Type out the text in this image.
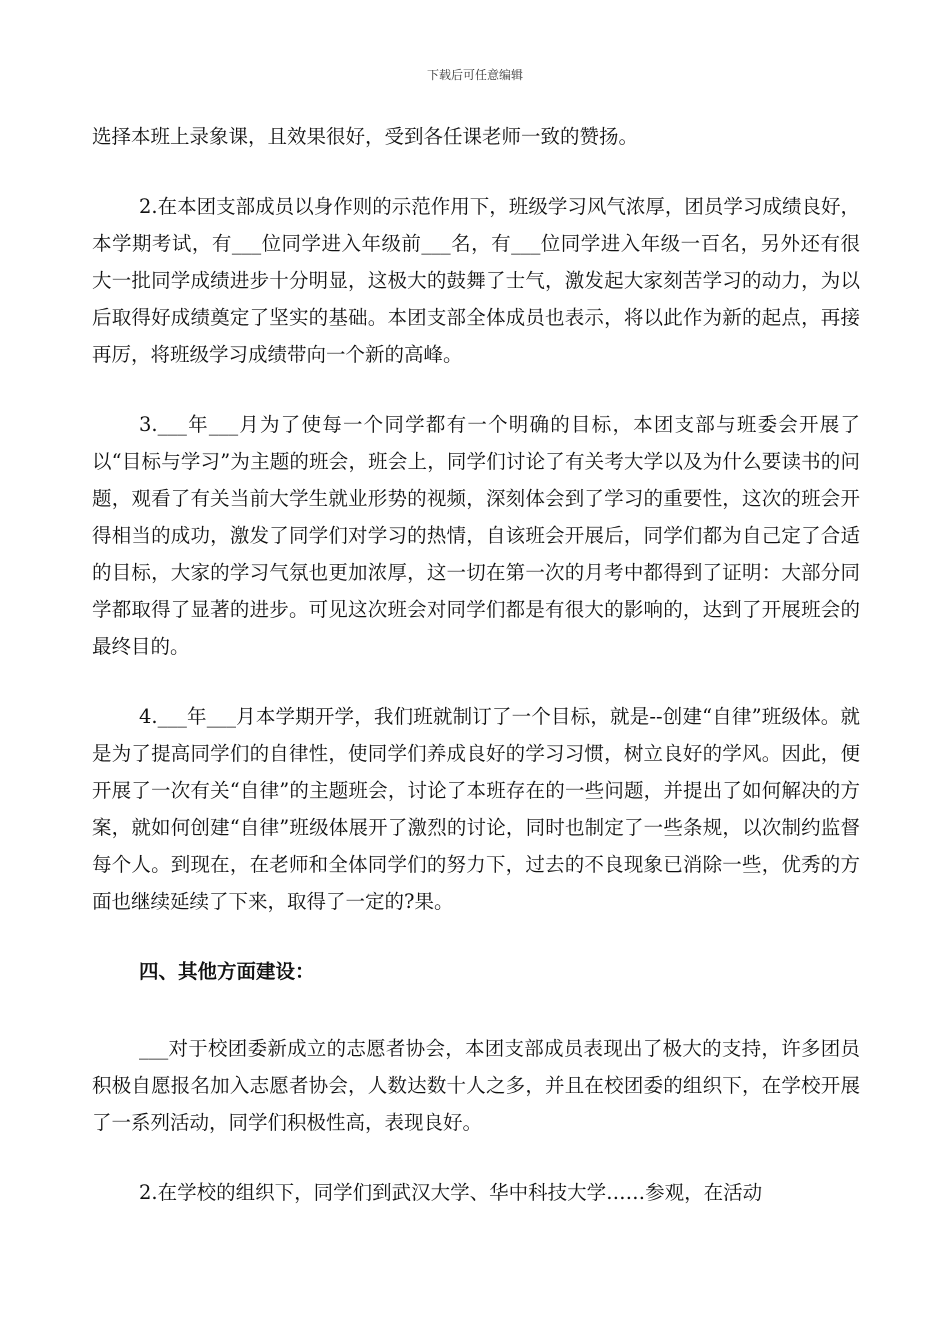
下载后可任意编辑

选择本班上录象课，且效果很好，受到各任课老师一致的赞扬。

2.在本团支部成员以身作则的示范作用下，班级学习风气浓厚，团员学习成绩良好，本学期考试，有___位同学进入年级前___名，有___位同学进入年级一百名，另外还有很大一批同学成绩进步十分明显，这极大的鼓舞了士气，激发起大家刻苦学习的动力，为以后取得好成绩奠定了坚实的基础。本团支部全体成员也表示，将以此作为新的起点，再接再厉，将班级学习成绩带向一个新的高峰。

3.___年___月为了使每一个同学都有一个明确的目标，本团支部与班委会开展了以“目标与学习”为主题的班会，班会上，同学们讨论了有关考大学以及为什么要读书的问题，观看了有关当前大学生就业形势的视频，深刻体会到了学习的重要性，这次的班会开得相当的成功，激发了同学们对学习的热情，自该班会开展后，同学们都为自己定了合适的目标，大家的学习气氛也更加浓厚，这一切在第一次的月考中都得到了证明：大部分同学都取得了显著的进步。可见这次班会对同学们都是有很大的影响的，达到了开展班会的最终目的。

4.___年___月本学期开学，我们班就制订了一个目标，就是--创建“自律”班级体。就是为了提高同学们的自律性，使同学们养成良好的学习习惯，树立良好的学风。因此，便开展了一次有关“自律”的主题班会，讨论了本班存在的一些问题，并提出了如何解决的方案，就如何创建“自律”班级体展开了激烈的讨论，同时也制定了一些条规，以次制约监督每个人。到现在，在老师和全体同学们的努力下，过去的不良现象已消除一些，优秀的方面也继续延续了下来，取得了一定的?果。

四、其他方面建设：

___对于校团委新成立的志愿者协会，本团支部成员表现出了极大的支持，许多团员积极自愿报名加入志愿者协会，人数达数十人之多，并且在校团委的组织下，在学校开展了一系列活动，同学们积极性高，表现良好。

2.在学校的组织下，同学们到武汉大学、华中科技大学……参观，在活动
